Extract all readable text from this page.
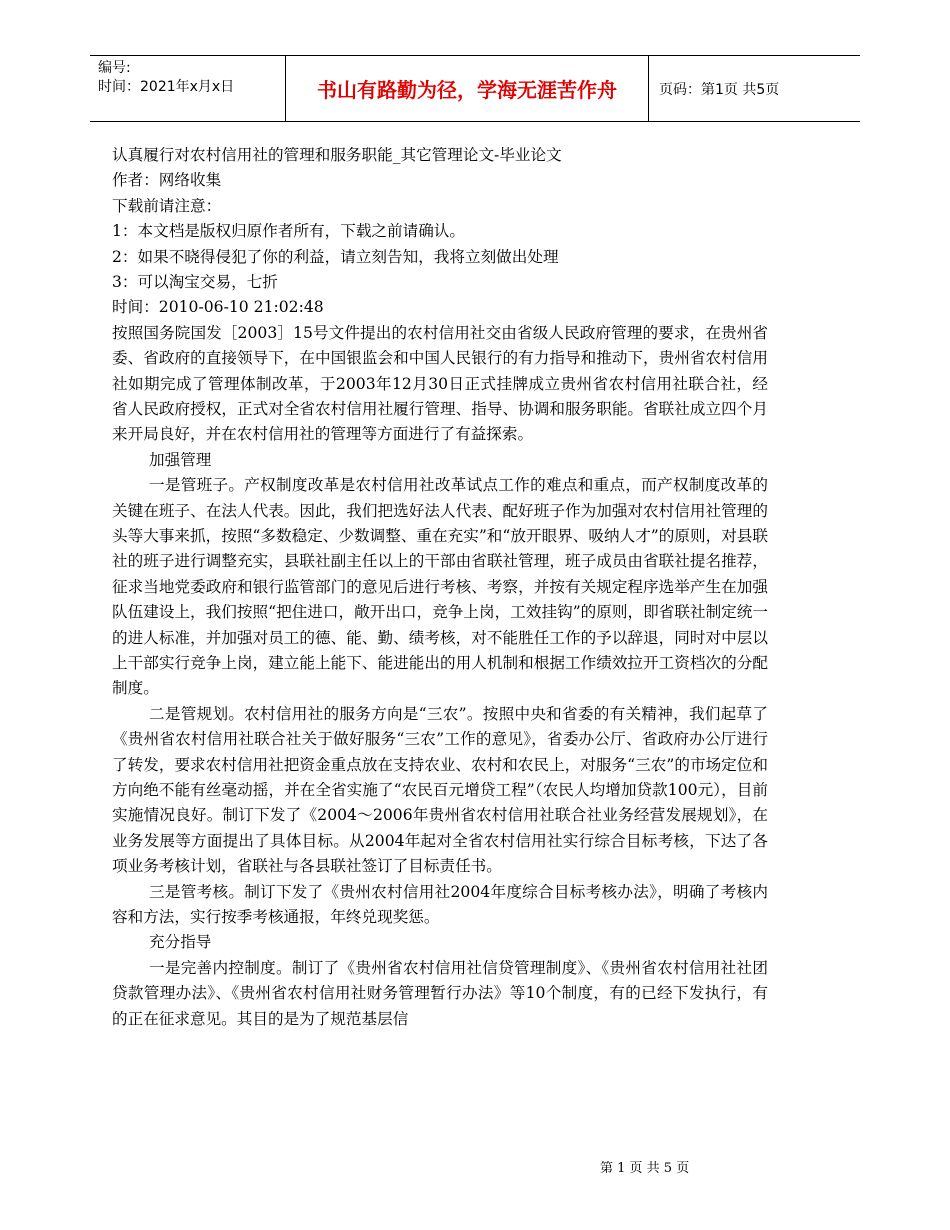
编号:
时间：2021年x月x日	书山有路勤为径，学海无涯苦作舟	页码：第1页 共5页
认真履行对农村信用社的管理和服务职能_其它管理论文-毕业论文
作者：网络收集
下载前请注意：
1：本文档是版权归原作者所有，下载之前请确认。
2：如果不晓得侵犯了你的利益，请立刻告知，我将立刻做出处理
3：可以淘宝交易，七折
时间：2010-06-10 21:02:48
按照国务院国发［2003］15号文件提出的农村信用社交由省级人民政府管理的要求，在贵州省委、省政府的直接领导下，在中国银监会和中国人民银行的有力指导和推动下，贵州省农村信用社如期完成了管理体制改革，于2003年12月30日正式挂牌成立贵州省农村信用社联合社，经省人民政府授权，正式对全省农村信用社履行管理、指导、协调和服务职能。省联社成立四个月来开局良好，并在农村信用社的管理等方面进行了有益探索。
加强管理
一是管班子。产权制度改革是农村信用社改革试点工作的难点和重点，而产权制度改革的关键在班子、在法人代表。因此，我们把选好法人代表、配好班子作为加强对农村信用社管理的头等大事来抓，按照“多数稳定、少数调整、重在充实”和“放开眼界、吸纳人才”的原则，对县联社的班子进行调整充实，县联社副主任以上的干部由省联社管理，班子成员由省联社提名推荐，征求当地党委政府和银行监管部门的意见后进行考核、考察，并按有关规定程序选举产生在加强队伍建设上，我们按照“把住进口，敞开出口，竞争上岗，工效挂钩”的原则，即省联社制定统一的进人标准，并加强对员工的德、能、勤、绩考核，对不能胜任工作的予以辞退，同时对中层以上干部实行竞争上岗，建立能上能下、能进能出的用人机制和根据工作绩效拉开工资档次的分配制度。
二是管规划。农村信用社的服务方向是“三农”。按照中央和省委的有关精神，我们起草了《贵州省农村信用社联合社关于做好服务“三农”工作的意见》，省委办公厅、省政府办公厅进行了转发，要求农村信用社把资金重点放在支持农业、农村和农民上，对服务“三农”的市场定位和方向绝不能有丝毫动摇，并在全省实施了“农民百元增贷工程”（农民人均增加贷款100元），目前实施情况良好。制订下发了《2004～2006年贵州省农村信用社联合社业务经营发展规划》，在业务发展等方面提出了具体目标。从2004年起对全省农村信用社实行综合目标考核，下达了各项业务考核计划，省联社与各县联社签订了目标责任书。
三是管考核。制订下发了《贵州农村信用社2004年度综合目标考核办法》，明确了考核内容和方法，实行按季考核通报，年终兑现奖惩。
充分指导
一是完善内控制度。制订了《贵州省农村信用社信贷管理制度》、《贵州省农村信用社社团贷款管理办法》、《贵州省农村信用社财务管理暂行办法》等10个制度，有的已经下发执行，有的正在征求意见。其目的是为了规范基层信
第 1 页 共 5 页
